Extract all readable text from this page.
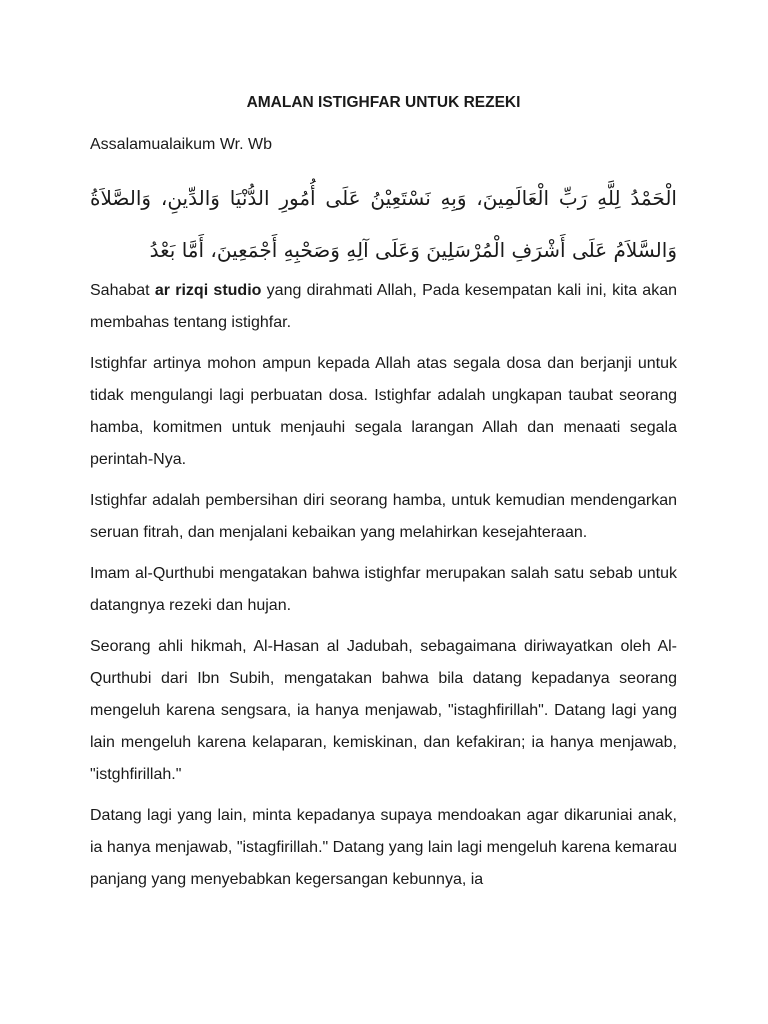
AMALAN ISTIGHFAR UNTUK REZEKI

Assalamualaikum Wr. Wb

الْحَمْدُ لِلَّهِ رَبِّ الْعَالَمِينَ، وَبِهِ نَسْتَعِيْنُ عَلَى أُمُورِ الدُّنْيَا وَالدِّينِ، وَالصَّلاَةُ وَالسَّلاَمُ عَلَى أَشْرَفِ الْمُرْسَلِينَ وَعَلَى آلِهِ وَصَحْبِهِ أَجْمَعِينَ، أَمَّا بَعْدُ

Sahabat ar rizqi studio yang dirahmati Allah, Pada kesempatan kali ini, kita akan membahas tentang istighfar.

Istighfar artinya mohon ampun kepada Allah atas segala dosa dan berjanji untuk tidak mengulangi lagi perbuatan dosa. Istighfar adalah ungkapan taubat seorang hamba, komitmen untuk menjauhi segala larangan Allah dan menaati segala perintah-Nya.

Istighfar adalah pembersihan diri seorang hamba, untuk kemudian mendengarkan seruan fitrah, dan menjalani kebaikan yang melahirkan kesejahteraan.

Imam al-Qurthubi mengatakan bahwa istighfar merupakan salah satu sebab untuk datangnya rezeki dan hujan.

Seorang ahli hikmah, Al-Hasan al Jadubah, sebagaimana diriwayatkan oleh Al-Qurthubi dari Ibn Subih, mengatakan bahwa bila datang kepadanya seorang mengeluh karena sengsara, ia hanya menjawab, "istaghfirillah". Datang lagi yang lain mengeluh karena kelaparan, kemiskinan, dan kefakiran; ia hanya menjawab, "istghfirillah."

Datang lagi yang lain, minta kepadanya supaya mendoakan agar dikaruniai anak, ia hanya menjawab, "istagfirillah." Datang yang lain lagi mengeluh karena kemarau panjang yang menyebabkan kegersangan kebunnya, ia
